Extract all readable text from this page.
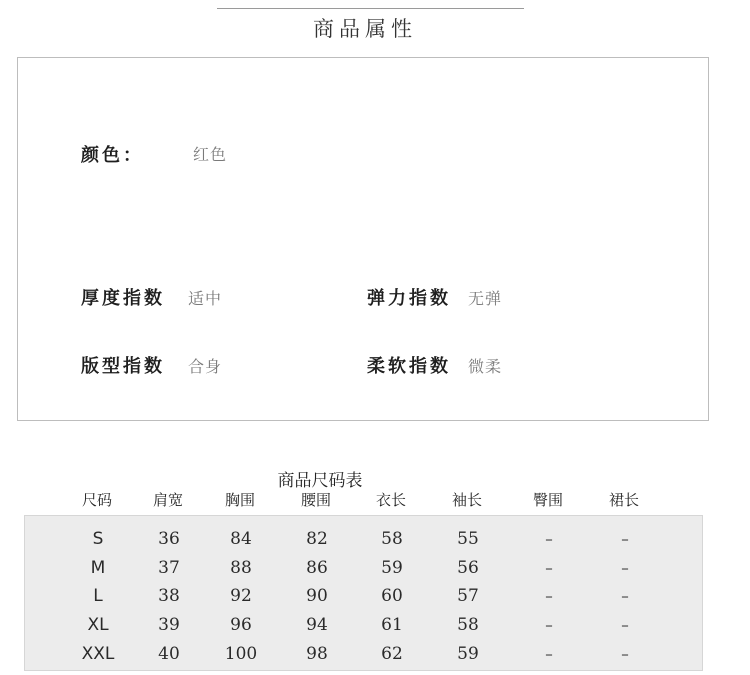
商品属性
颜色：	红色
厚度指数 适中	弹力指数 无弹
版型指数 合身	柔软指数 微柔
商品尺码表
尺码	肩宽	胸围	腰围	衣长	袖长	臀围	裙长
S	36	84	82	58	55	–	–
M	37	88	86	59	56	–	–
L	38	92	90	60	57	–	–
XL	39	96	94	61	58	–	–
XXL	40	100	98	62	59	–	–
